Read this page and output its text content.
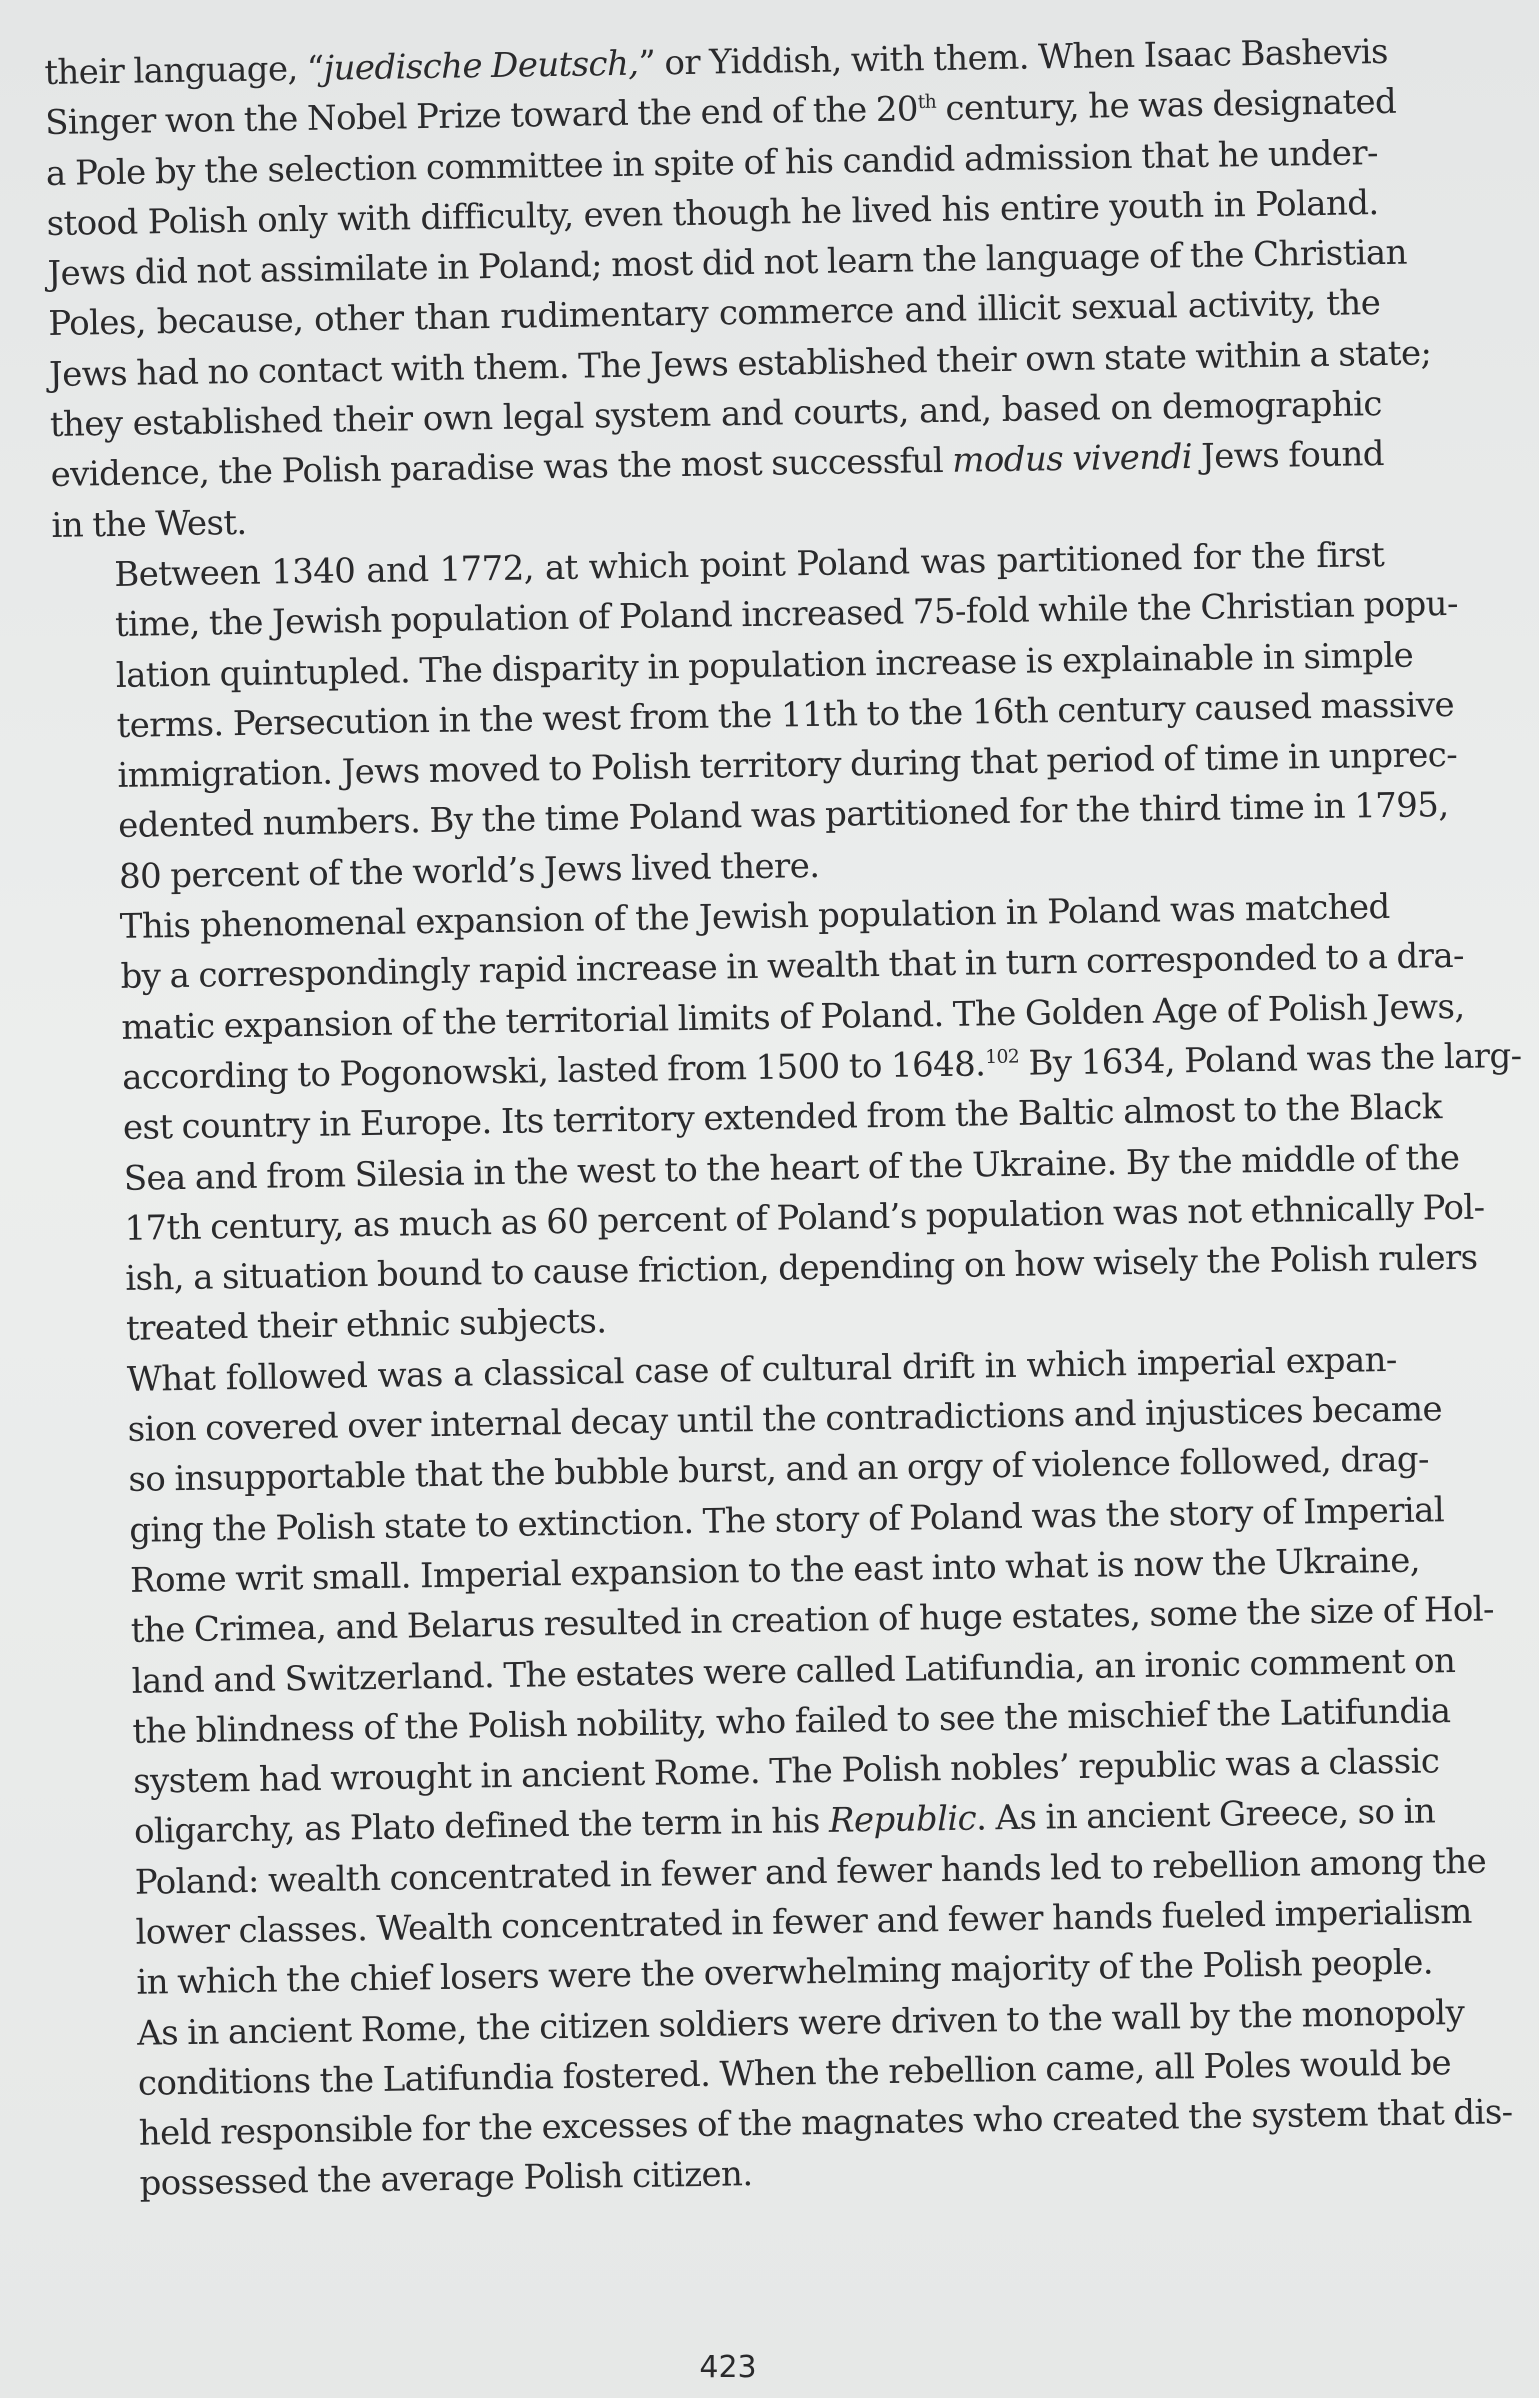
their language, “juedische Deutsch,” or Yiddish, with them. When Isaac Bashevis
Singer won the Nobel Prize toward the end of the 20th century, he was designated
a Pole by the selection committee in spite of his candid admission that he under-
stood Polish only with difficulty, even though he lived his entire youth in Poland.
Jews did not assimilate in Poland; most did not learn the language of the Christian
Poles, because, other than rudimentary commerce and illicit sexual activity, the
Jews had no contact with them. The Jews established their own state within a state;
they established their own legal system and courts, and, based on demographic
evidence, the Polish paradise was the most successful modus vivendi Jews found
in the West.
Between 1340 and 1772, at which point Poland was partitioned for the first
time, the Jewish population of Poland increased 75-fold while the Christian popu-
lation quintupled. The disparity in population increase is explainable in simple
terms. Persecution in the west from the 11th to the 16th century caused massive
immigration. Jews moved to Polish territory during that period of time in unprec-
edented numbers. By the time Poland was partitioned for the third time in 1795,
80 percent of the world’s Jews lived there.
This phenomenal expansion of the Jewish population in Poland was matched
by a correspondingly rapid increase in wealth that in turn corresponded to a dra-
matic expansion of the territorial limits of Poland. The Golden Age of Polish Jews,
according to Pogonowski, lasted from 1500 to 1648.$^{102}$ By 1634, Poland was the larg-
est country in Europe. Its territory extended from the Baltic almost to the Black
Sea and from Silesia in the west to the heart of the Ukraine. By the middle of the
17th century, as much as 60 percent of Poland’s population was not ethnically Pol-
ish, a situation bound to cause friction, depending on how wisely the Polish rulers
treated their ethnic subjects.
What followed was a classical case of cultural drift in which imperial expan-
sion covered over internal decay until the contradictions and injustices became
so insupportable that the bubble burst, and an orgy of violence followed, drag-
ging the Polish state to extinction. The story of Poland was the story of Imperial
Rome writ small. Imperial expansion to the east into what is now the Ukraine,
the Crimea, and Belarus resulted in creation of huge estates, some the size of Hol-
land and Switzerland. The estates were called Latifundia, an ironic comment on
the blindness of the Polish nobility, who failed to see the mischief the Latifundia
system had wrought in ancient Rome. The Polish nobles’ republic was a classic
oligarchy, as Plato defined the term in his Republic. As in ancient Greece, so in
Poland: wealth concentrated in fewer and fewer hands led to rebellion among the
lower classes. Wealth concentrated in fewer and fewer hands fueled imperialism
in which the chief losers were the overwhelming majority of the Polish people.
As in ancient Rome, the citizen soldiers were driven to the wall by the monopoly
conditions the Latifundia fostered. When the rebellion came, all Poles would be
held responsible for the excesses of the magnates who created the system that dis-
possessed the average Polish citizen.
423
